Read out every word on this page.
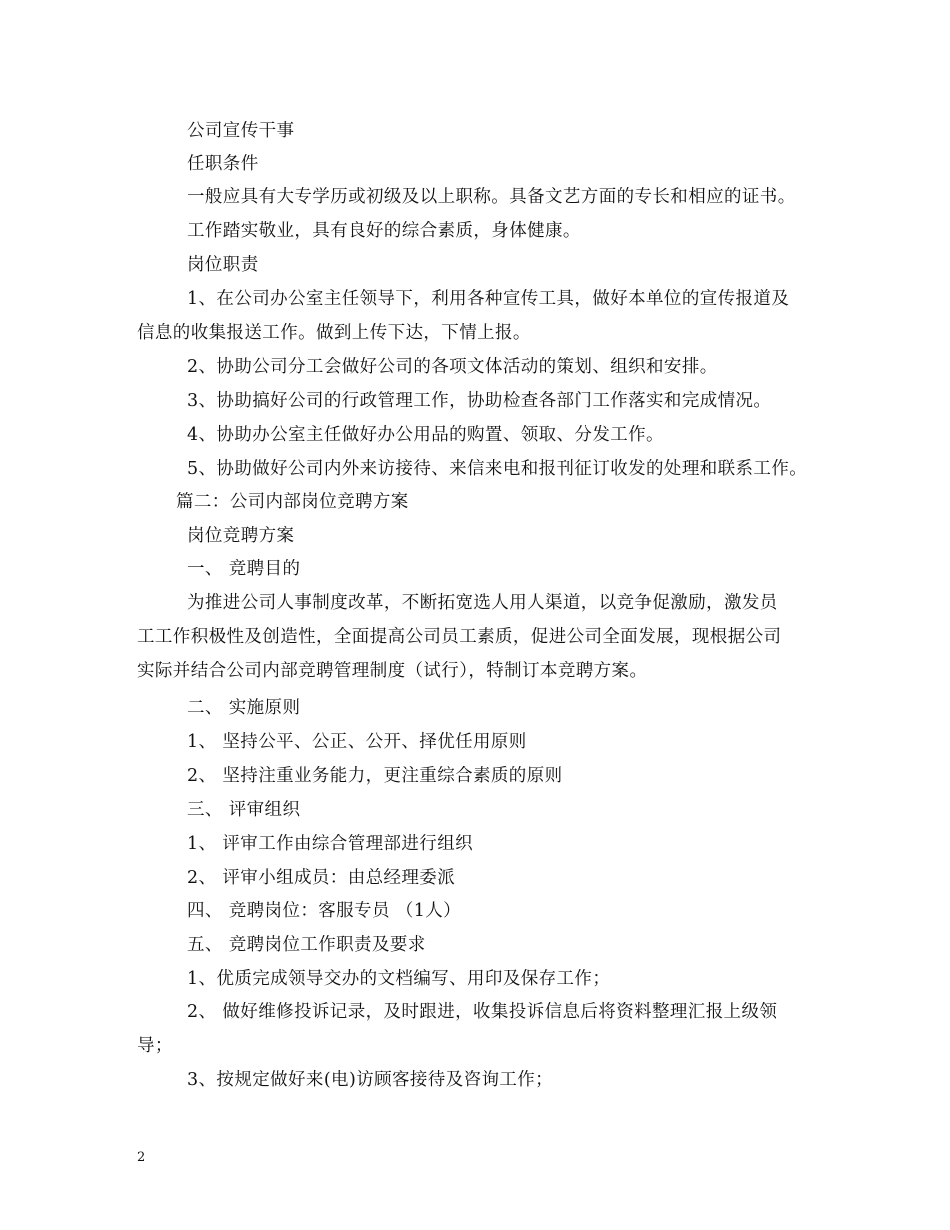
公司宣传干事
任职条件
一般应具有大专学历或初级及以上职称。具备文艺方面的专长和相应的证书。
工作踏实敬业，具有良好的综合素质，身体健康。
岗位职责
1、在公司办公室主任领导下，利用各种宣传工具，做好本单位的宣传报道及
信息的收集报送工作。做到上传下达，下情上报。
2、协助公司分工会做好公司的各项文体活动的策划、组织和安排。
3、协助搞好公司的行政管理工作，协助检查各部门工作落实和完成情况。
4、协助办公室主任做好办公用品的购置、领取、分发工作。
5、协助做好公司内外来访接待、来信来电和报刊征订收发的处理和联系工作。
篇二：公司内部岗位竞聘方案
岗位竞聘方案
一、 竞聘目的
为推进公司人事制度改革，不断拓宽选人用人渠道，以竞争促激励，激发员
工工作积极性及创造性，全面提高公司员工素质，促进公司全面发展，现根据公司
实际并结合公司内部竞聘管理制度（试行），特制订本竞聘方案。
二、 实施原则
1、 坚持公平、公正、公开、择优任用原则
2、 坚持注重业务能力，更注重综合素质的原则
三、 评审组织
1、 评审工作由综合管理部进行组织
2、 评审小组成员：由总经理委派
四、 竞聘岗位：客服专员 （1人）
五、 竞聘岗位工作职责及要求
1、优质完成领导交办的文档编写、用印及保存工作；
2、 做好维修投诉记录，及时跟进，收集投诉信息后将资料整理汇报上级领
导；
3、按规定做好来(电)访顾客接待及咨询工作；
2
